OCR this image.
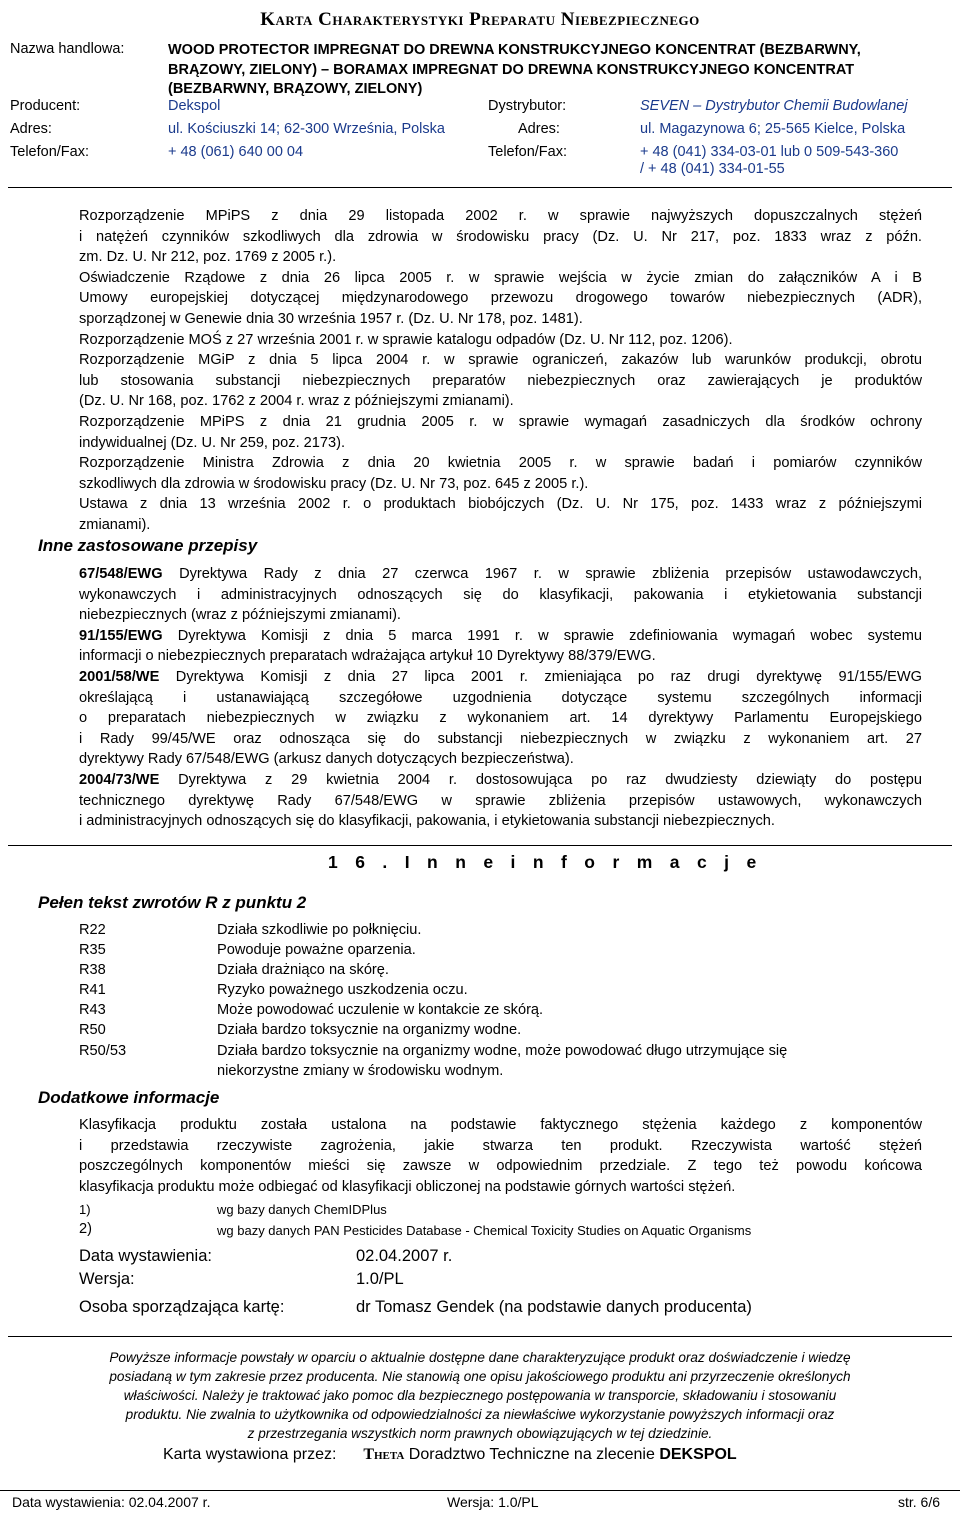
Karta Charakterystyki Preparatu Niebezpiecznego
Nazwa handlowa:	WOOD PROTECTOR IMPREGNAT DO DREWNA KONSTRUKCYJNEGO KONCENTRAT (BEZBARWNY,
BRĄZOWY, ZIELONY) – BORAMAX IMPREGNAT DO DREWNA KONSTRUKCYJNEGO KONCENTRAT
(BEZBARWNY, BRĄZOWY, ZIELONY)
Producent:	Dekspol	Dystrybutor:	SEVEN – Dystrybutor Chemii Budowlanej
Adres:	ul. Kościuszki 14; 62-300 Września, Polska	Adres:	ul. Magazynowa 6; 25-565 Kielce, Polska
Telefon/Fax:	+ 48 (061) 640 00 04	Telefon/Fax:	+ 48 (041) 334-03-01 lub 0 509-543-360
/ + 48 (041) 334-01-55
Rozporządzenie MPiPS z dnia 29 listopada 2002 r. w sprawie najwyższych dopuszczalnych stężeń
i natężeń czynników szkodliwych dla zdrowia w środowisku pracy (Dz. U. Nr 217, poz. 1833 wraz z późn.
zm. Dz. U. Nr 212, poz. 1769 z 2005 r.).
Oświadczenie Rządowe z dnia 26 lipca 2005 r. w sprawie wejścia w życie zmian do załączników A i B
Umowy europejskiej dotyczącej międzynarodowego przewozu drogowego towarów niebezpiecznych (ADR),
sporządzonej w Genewie dnia 30 września 1957 r. (Dz. U. Nr 178, poz. 1481).
Rozporządzenie MOŚ z 27 września 2001 r. w sprawie katalogu odpadów (Dz. U. Nr 112, poz. 1206).
Rozporządzenie MGiP z dnia 5 lipca 2004 r. w sprawie ograniczeń, zakazów lub warunków produkcji, obrotu
lub stosowania substancji niebezpiecznych preparatów niebezpiecznych oraz zawierających je produktów
(Dz. U. Nr 168, poz. 1762 z 2004 r. wraz z późniejszymi zmianami).
Rozporządzenie MPiPS z dnia 21 grudnia 2005 r. w sprawie wymagań zasadniczych dla środków ochrony
indywidualnej (Dz. U. Nr 259, poz. 2173).
Rozporządzenie Ministra Zdrowia z dnia 20 kwietnia 2005 r. w sprawie badań i pomiarów czynników
szkodliwych dla zdrowia w środowisku pracy (Dz. U. Nr 73, poz. 645 z 2005 r.).
Ustawa z dnia 13 września 2002 r. o produktach biobójczych (Dz. U. Nr 175, poz. 1433 wraz z późniejszymi
zmianami).
Inne zastosowane przepisy
67/548/EWG Dyrektywa Rady z dnia 27 czerwca 1967 r. w sprawie zbliżenia przepisów ustawodawczych,
wykonawczych i administracyjnych odnoszących się do klasyfikacji, pakowania i etykietowania substancji
niebezpiecznych (wraz z późniejszymi zmianami).
91/155/EWG Dyrektywa Komisji z dnia 5 marca 1991 r. w sprawie zdefiniowania wymagań wobec systemu
informacji o niebezpiecznych preparatach wdrażająca artykuł 10 Dyrektywy 88/379/EWG.
2001/58/WE Dyrektywa Komisji z dnia 27 lipca 2001 r. zmieniająca po raz drugi dyrektywę 91/155/EWG
określającą i ustanawiającą szczegółowe uzgodnienia dotyczące systemu szczególnych informacji
o preparatach niebezpiecznych w związku z wykonaniem art. 14 dyrektywy Parlamentu Europejskiego
i Rady 99/45/WE oraz odnosząca się do substancji niebezpiecznych w związku z wykonaniem art. 27
dyrektywy Rady 67/548/EWG (arkusz danych dotyczących bezpieczeństwa).
2004/73/WE Dyrektywa z 29 kwietnia 2004 r. dostosowująca po raz dwudziesty dziewiąty do postępu
technicznego dyrektywę Rady 67/548/EWG w sprawie zbliżenia przepisów ustawowych, wykonawczych
i administracyjnych odnoszących się do klasyfikacji, pakowania, i etykietowania substancji niebezpiecznych.
1 6 . I n n e i n f o r m a c j e
Pełen tekst zwrotów R z punktu 2
R22	Działa szkodliwie po połknięciu.
R35	Powoduje poważne oparzenia.
R38	Działa drażniąco na skórę.
R41	Ryzyko poważnego uszkodzenia oczu.
R43	Może powodować uczulenie w kontakcie ze skórą.
R50	Działa bardzo toksycznie na organizmy wodne.
R50/53	Działa bardzo toksycznie na organizmy wodne, może powodować długo utrzymujące się
niekorzystne zmiany w środowisku wodnym.
Dodatkowe informacje
Klasyfikacja produktu została ustalona na podstawie faktycznego stężenia każdego z komponentów
i przedstawia rzeczywiste zagrożenia, jakie stwarza ten produkt. Rzeczywista wartość stężeń
poszczególnych komponentów mieści się zawsze w odpowiednim przedziale. Z tego też powodu końcowa
klasyfikacja produktu może odbiegać od klasyfikacji obliczonej na podstawie górnych wartości stężeń.
1)	wg bazy danych ChemIDPlus
2)	wg bazy danych PAN Pesticides Database - Chemical Toxicity Studies on Aquatic Organisms
Data wystawienia:	02.04.2007 r.
Wersja:	1.0/PL
Osoba sporządzająca kartę:	dr Tomasz Gendek (na podstawie danych producenta)
Powyższe informacje powstały w oparciu o aktualnie dostępne dane charakteryzujące produkt oraz doświadczenie i wiedzę
posiadaną w tym zakresie przez producenta. Nie stanowią one opisu jakościowego produktu ani przyrzeczenie określonych
właściwości. Należy je traktować jako pomoc dla bezpiecznego postępowania w transporcie, składowaniu i stosowaniu
produktu. Nie zwalnia to użytkownika od odpowiedzialności za niewłaściwe wykorzystanie powyższych informacji oraz
z przestrzegania wszystkich norm prawnych obowiązujących w tej dziedzinie.
Karta wystawiona przez: Theta Doradztwo Techniczne na zlecenie DEKSPOL
Data wystawienia: 02.04.2007 r.	Wersja: 1.0/PL	str. 6/6
